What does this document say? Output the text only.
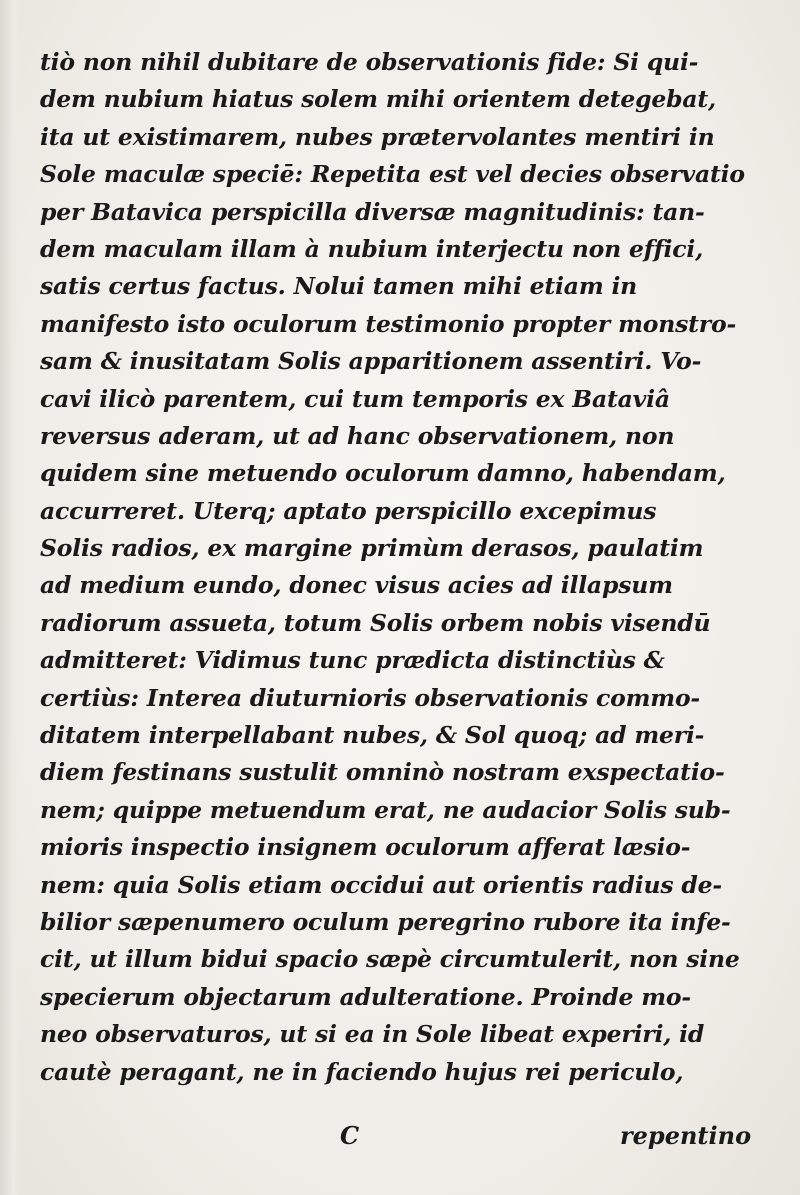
tiò non nihil dubitare de observationis fide: Si qui-
dem nubium hiatus solem mihi orientem detegebat,
ita ut existimarem, nubes prætervolantes mentiri in
Sole maculæ speciē: Repetita est vel decies observatio
per Batavica perspicilla diversæ magnitudinis: tan-
dem maculam illam à nubium interjectu non effici,
satis certus factus. Nolui tamen mihi etiam in
manifesto isto oculorum testimonio propter monstro-
sam & inusitatam Solis apparitionem assentiri. Vo-
cavi ilicò parentem, cui tum temporis ex Bataviâ
reversus aderam, ut ad hanc observationem, non
quidem sine metuendo oculorum damno, habendam,
accurreret. Uterq; aptato perspicillo excepimus
Solis radios, ex margine primùm derasos, paulatim
ad medium eundo, donec visus acies ad illapsum
radiorum assueta, totum Solis orbem nobis visendū
admitteret: Vidimus tunc prædicta distinctiùs &
certiùs: Interea diuturnioris observationis commo-
ditatem interpellabant nubes, & Sol quoq; ad meri-
diem festinans sustulit omninò nostram exspectatio-
nem; quippe metuendum erat, ne audacior Solis sub-
mioris inspectio insignem oculorum afferat læsio-
nem: quia Solis etiam occidui aut orientis radius de-
bilior sæpenumero oculum peregrino rubore ita infe-
cit, ut illum bidui spacio sæpè circumtulerit, non sine
specierum objectarum adulteratione. Proinde mo-
neo observaturos, ut si ea in Sole libeat experiri, id
cautè peragant, ne in faciendo hujus rei periculo,
C	repentino
